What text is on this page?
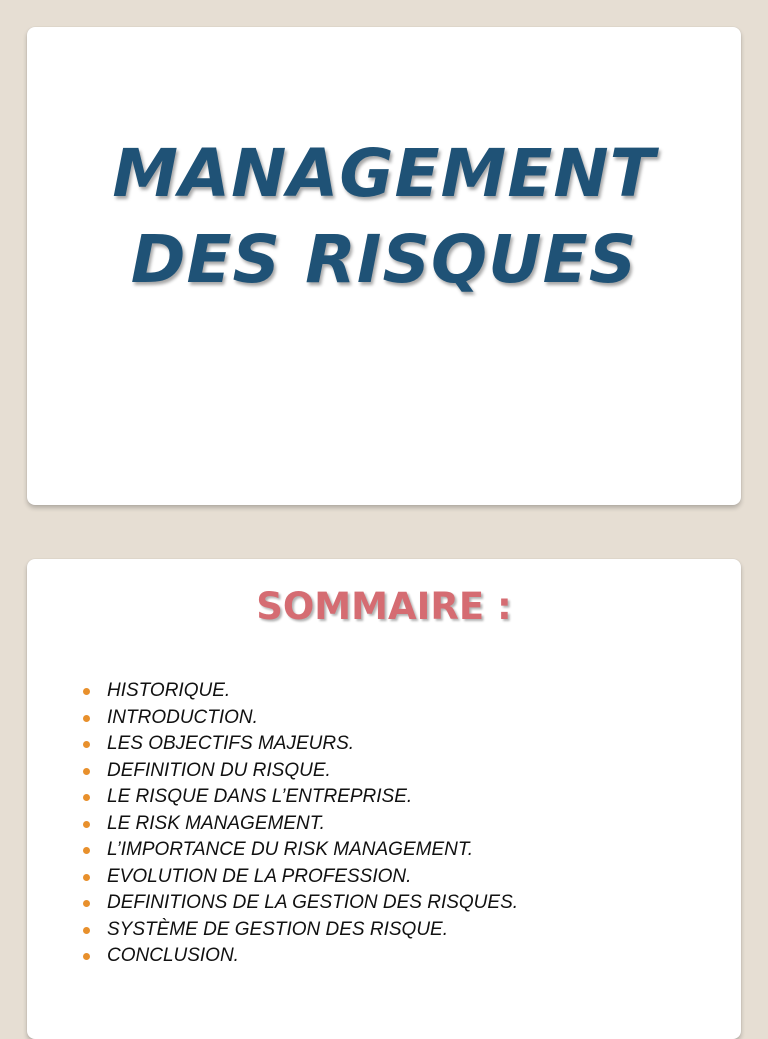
MANAGEMENT
DES RISQUES
SOMMAIRE :
HISTORIQUE.
INTRODUCTION.
LES OBJECTIFS MAJEURS.
DEFINITION DU RISQUE.
LE RISQUE DANS L’ENTREPRISE.
LE RISK MANAGEMENT.
L’IMPORTANCE DU RISK MANAGEMENT.
EVOLUTION DE LA PROFESSION.
DEFINITIONS DE LA GESTION DES RISQUES.
SYSTÈME DE GESTION DES RISQUE.
CONCLUSION.
